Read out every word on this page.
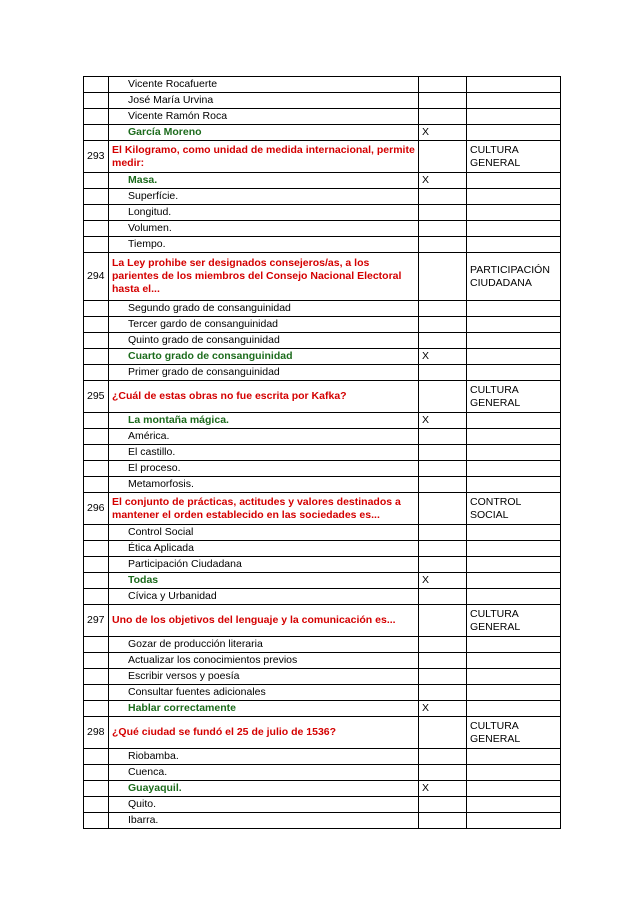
	Vicente Rocafuerte		
	José María Urvina		
	Vicente Ramón Roca		
	García Moreno	X	
293	El Kilogramo, como unidad de medida internacional, permite medir:		CULTURA GENERAL
	Masa.	X	
	Superfície.		
	Longitud.		
	Volumen.		
	Tiempo.		
294	La Ley prohibe ser designados consejeros/as, a los parientes de los miembros del Consejo Nacional Electoral hasta el...		PARTICIPACIÓN CIUDADANA
	Segundo grado de consanguinidad		
	Tercer gardo de consanguinidad		
	Quinto grado de consanguinidad		
	Cuarto grado de consanguinidad	X	
	Primer grado de consanguinidad		
295	¿Cuál de estas obras no fue escrita por Kafka?		CULTURA GENERAL
	La montaña mágica.	X	
	América.		
	El castillo.		
	El proceso.		
	Metamorfosis.		
296	El conjunto de prácticas, actitudes y valores destinados a mantener el orden establecido en las sociedades es...		CONTROL SOCIAL
	Control Social		
	Ética Aplicada		
	Participación Ciudadana		
	Todas	X	
	Cívica y Urbanidad		
297	Uno de los objetivos del lenguaje y la comunicación es...		CULTURA GENERAL
	Gozar de producción literaria		
	Actualizar los conocimientos previos		
	Escribir versos y poesía		
	Consultar fuentes adicionales		
	Hablar correctamente	X	
298	¿Qué ciudad se fundó el 25 de julio de 1536?		CULTURA GENERAL
	Riobamba.		
	Cuenca.		
	Guayaquil.	X	
	Quito.		
	Ibarra.		
